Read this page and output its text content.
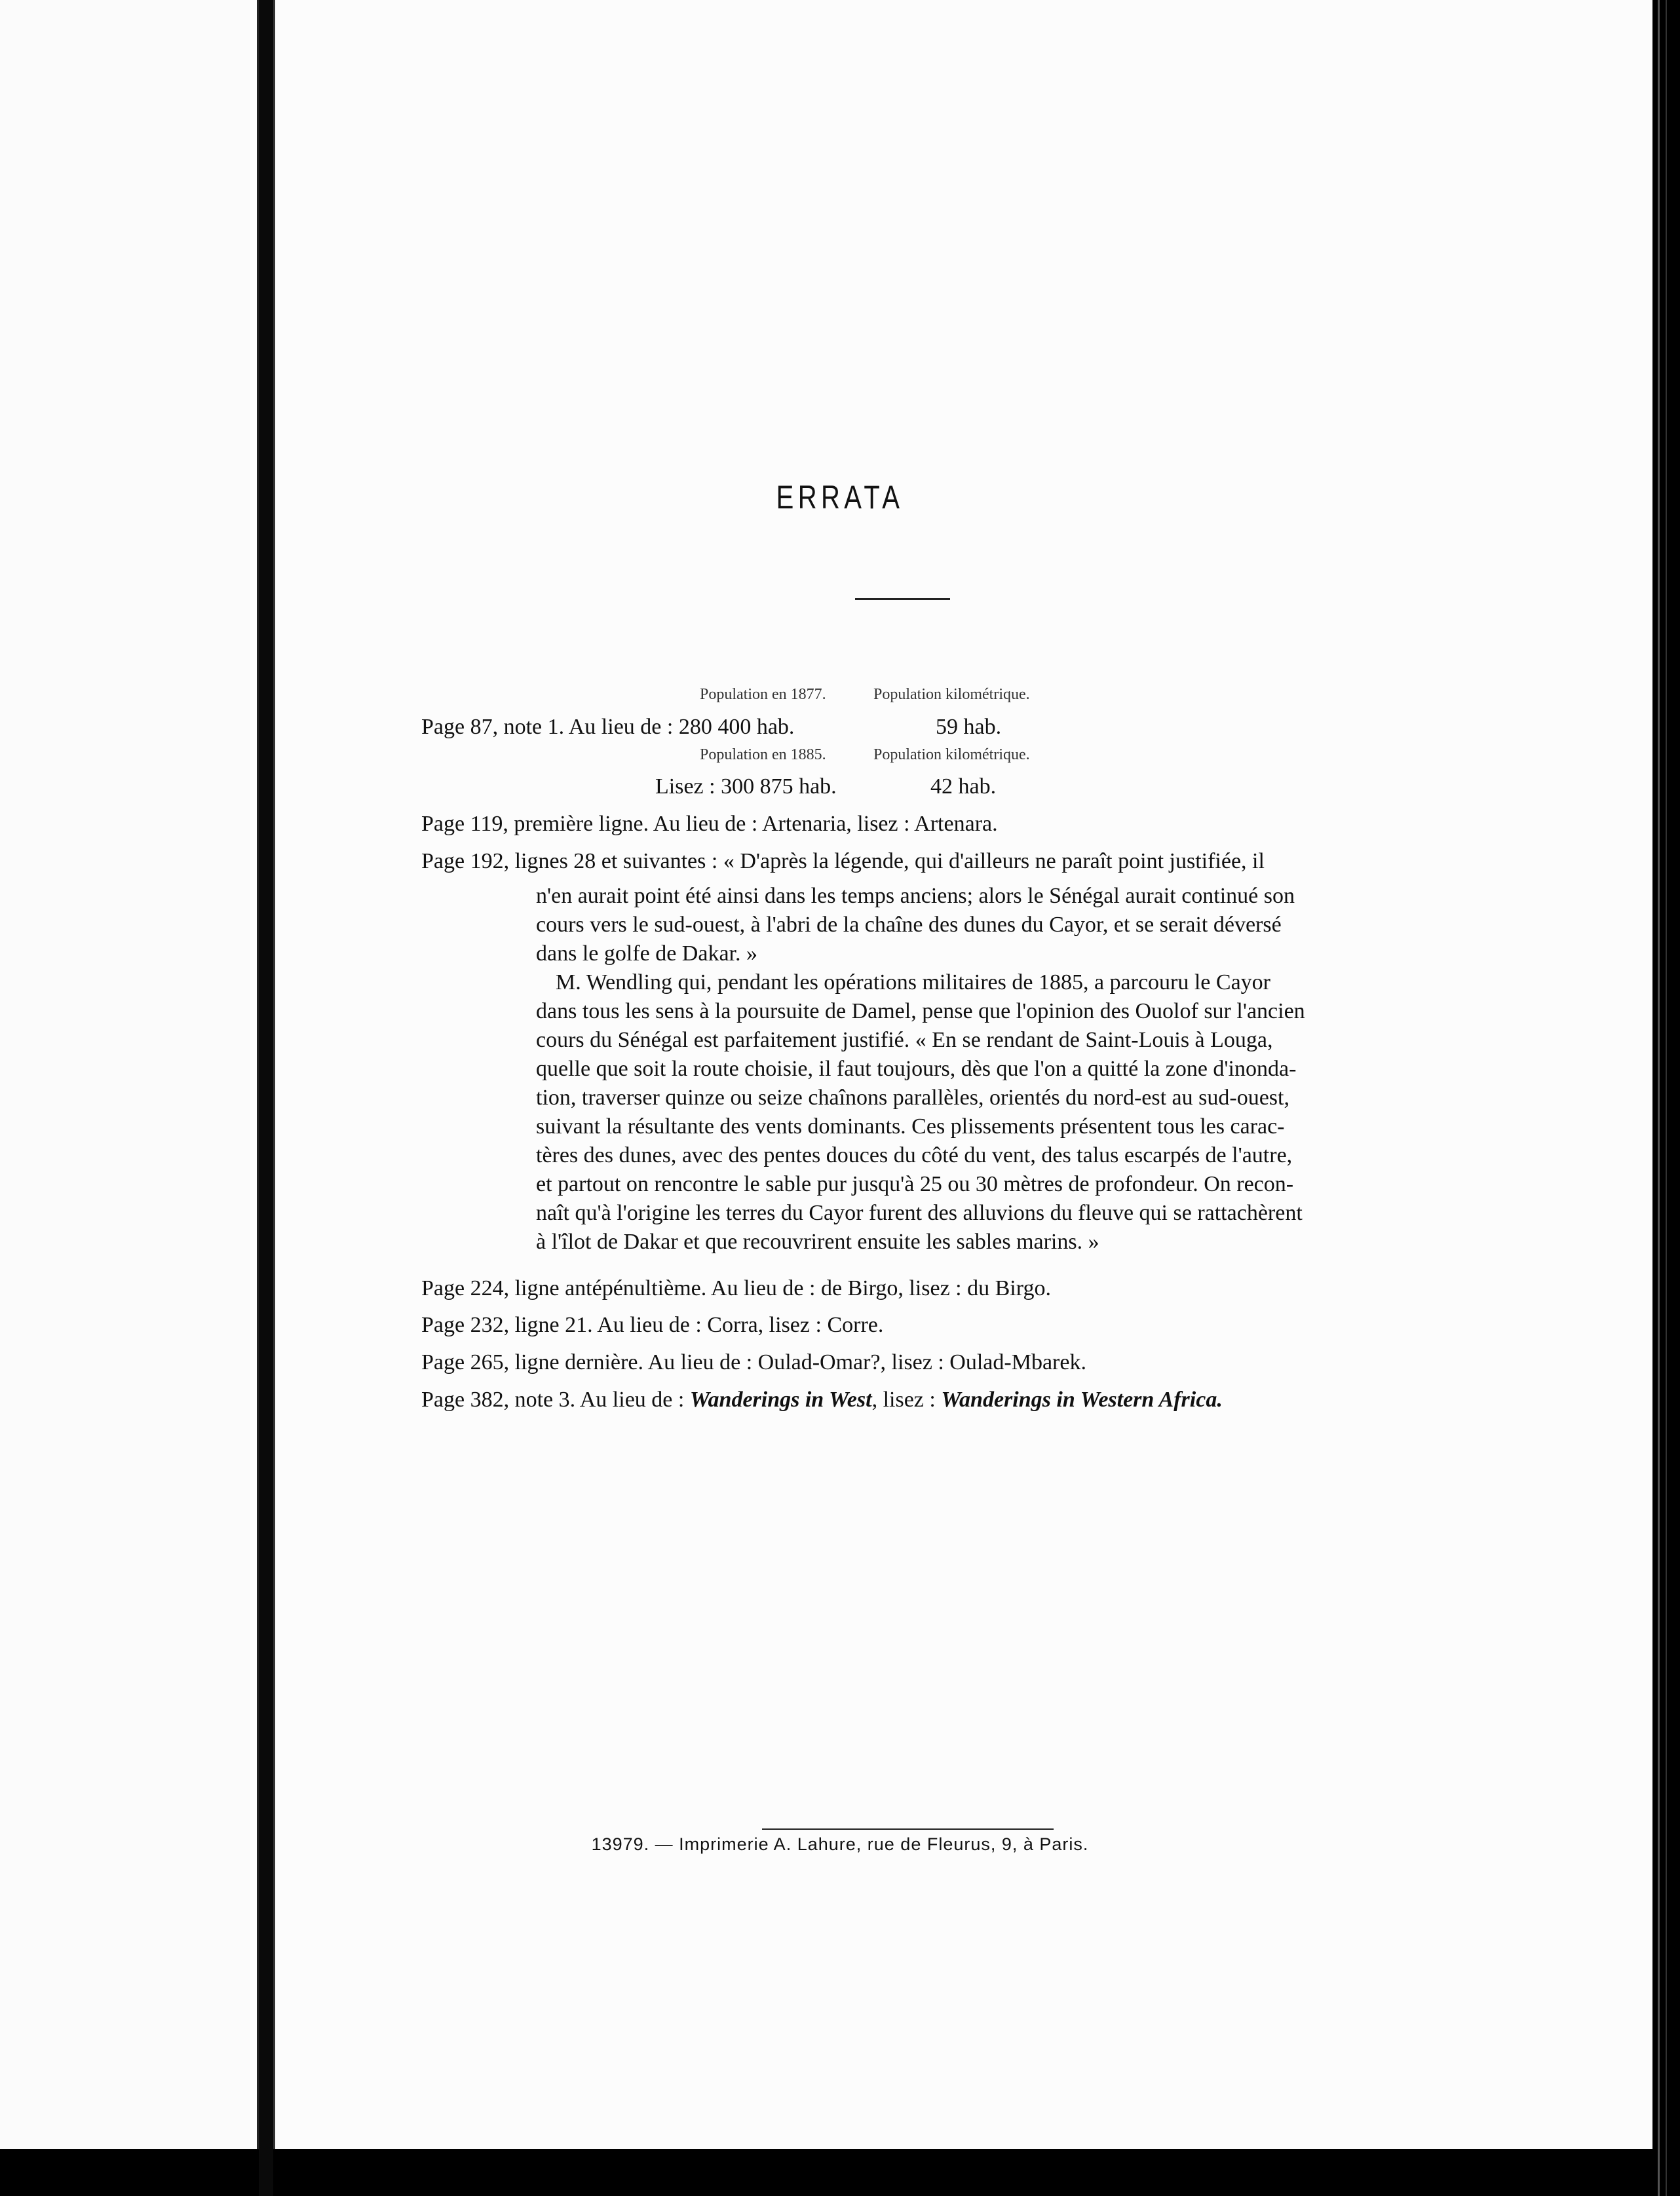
ERRATA
Population en 1877.	Population kilométrique.
Page 87, note 1. Au lieu de : 280 400 hab.	59 hab.
Population en 1885.	Population kilométrique.
Lisez : 300 875 hab.	42 hab.
Page 119, première ligne. Au lieu de : Artenaria, lisez : Artenara.
Page 192, lignes 28 et suivantes : « D'après la légende, qui d'ailleurs ne paraît point justifiée, il
n'en aurait point été ainsi dans les temps anciens; alors le Sénégal aurait continué son
cours vers le sud-ouest, à l'abri de la chaîne des dunes du Cayor, et se serait déversé
dans le golfe de Dakar. »
M. Wendling qui, pendant les opérations militaires de 1885, a parcouru le Cayor
dans tous les sens à la poursuite de Damel, pense que l'opinion des Ouolof sur l'ancien
cours du Sénégal est parfaitement justifié. « En se rendant de Saint-Louis à Louga,
quelle que soit la route choisie, il faut toujours, dès que l'on a quitté la zone d'inonda-
tion, traverser quinze ou seize chaînons parallèles, orientés du nord-est au sud-ouest,
suivant la résultante des vents dominants. Ces plissements présentent tous les carac-
tères des dunes, avec des pentes douces du côté du vent, des talus escarpés de l'autre,
et partout on rencontre le sable pur jusqu'à 25 ou 30 mètres de profondeur. On recon-
naît qu'à l'origine les terres du Cayor furent des alluvions du fleuve qui se rattachèrent
à l'îlot de Dakar et que recouvrirent ensuite les sables marins. »
Page 224, ligne antépénultième. Au lieu de : de Birgo, lisez : du Birgo.
Page 232, ligne 21. Au lieu de : Corra, lisez : Corre.
Page 265, ligne dernière. Au lieu de : Oulad-Omar?, lisez : Oulad-Mbarek.
Page 382, note 3. Au lieu de : Wanderings in West, lisez : Wanderings in Western Africa.
13979. — Imprimerie A. Lahure, rue de Fleurus, 9, à Paris.
